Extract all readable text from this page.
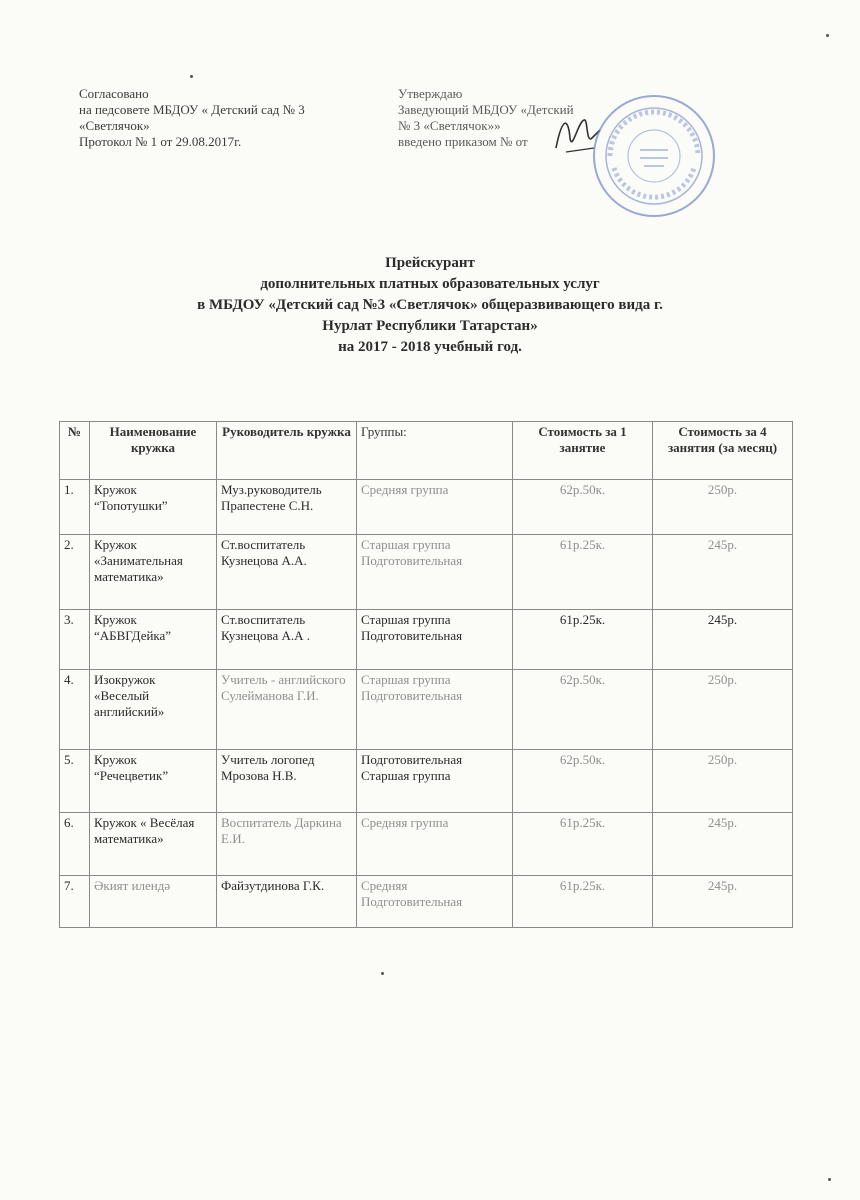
Согласовано
на педсовете МБДОУ « Детский сад № 3
«Светлячок»
Протокол № 1 от 29.08.2017г.
Утверждаю
Заведующий МБДОУ «Детский
№ 3 «Светлячок»»
введено приказом № от
Прейскурант
дополнительных платных образовательных услуг
в МБДОУ «Детский сад №3 «Светлячок» общеразвивающего вида г.
Нурлат Республики Татарстан»
на 2017 - 2018 учебный год.
№	Наименование кружка	Руководитель кружка	Группы:	Стоимость за 1 занятие	Стоимость за 4 занятия (за месяц)
1.	Кружок “Топотушки”	Муз.руководитель Прапестене С.Н.	Средняя группа	62р.50к.	250р.
2.	Кружок «Занимательная математика»	Ст.воспитатель Кузнецова А.А.	Старшая группа Подготовительная	61р.25к.	245р.
3.	Кружок “АБВГДейка”	Ст.воспитатель Кузнецова А.А .	Старшая группа Подготовительная	61р.25к.	245р.
4.	Изокружок «Веселый английский»	Учитель - английского Сулейманова Г.И.	Старшая группа Подготовительная	62р.50к.	250р.
5.	Кружок “Речецветик”	Учитель логопед Мрозова Н.В.	Подготовительная Старшая группа	62р.50к.	250р.
6.	Кружок « Весёлая математика»	Воспитатель Даркина Е.И.	Средняя группа	61р.25к.	245р.
7.	Әкият илендә	Файзутдинова Г.К.	Средняя Подготовительная	61р.25к.	245р.
